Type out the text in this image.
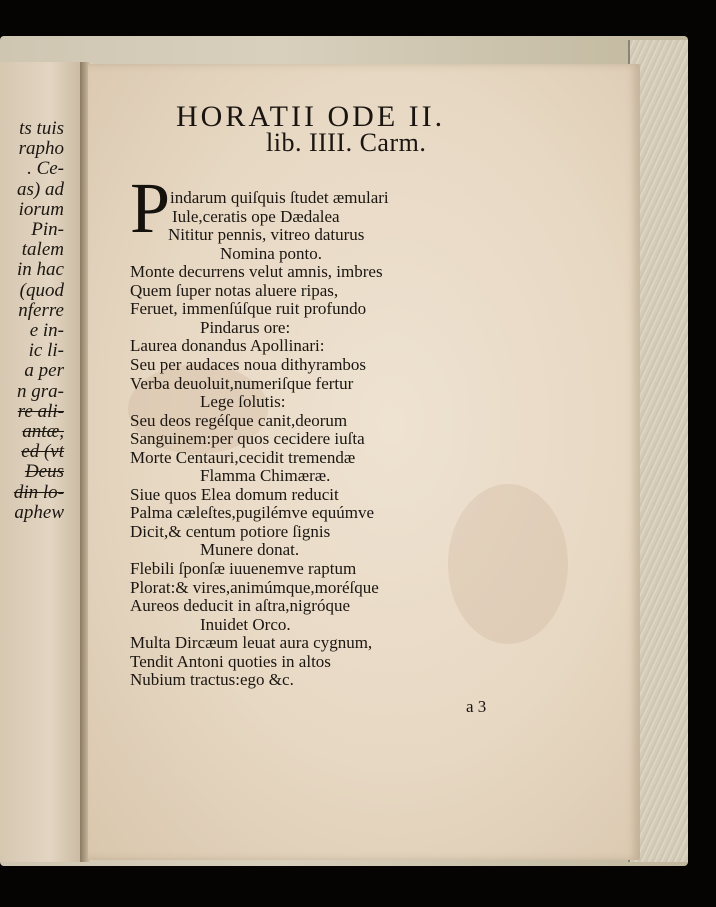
ts tuis
rapho
. Ce-
as) ad
iorum
Pin-
talem
in hac
(quod
nferre
e in-
ic li-
a per
n gra-
re ali-
antæ,
ed (vt
Deus
din lo-
aphew
HORATII ODE II.
lib. IIII. Carm.
P indarum quiſquis ſtudet æmulari
Iule,ceratis ope Dædalea
Nititur pennis, vitreo daturus
Nomina ponto.
Monte decurrens velut amnis, imbres
Quem ſuper notas aluere ripas,
Feruet, immenſúſque ruit profundo
Pindarus ore:
Laurea donandus Apollinari:
Seu per audaces noua dithyrambos
Verba deuoluit,numeriſque fertur
Lege ſolutis:
Seu deos regéſque canit,deorum
Sanguinem:per quos cecidere iuſta
Morte Centauri,cecidit tremendæ
Flamma Chimæræ.
Siue quos Elea domum reducit
Palma cæleſtes,pugilémve equúmve
Dicit,& centum potiore ſignis
Munere donat.
Flebili ſponſæ iuuenemve raptum
Plorat:& vires,animúmque,moréſque
Aureos deducit in aſtra,nigróque
Inuidet Orco.
Multa Dircæum leuat aura cygnum,
Tendit Antoni quoties in altos
Nubium tractus:ego &c.
a 3
